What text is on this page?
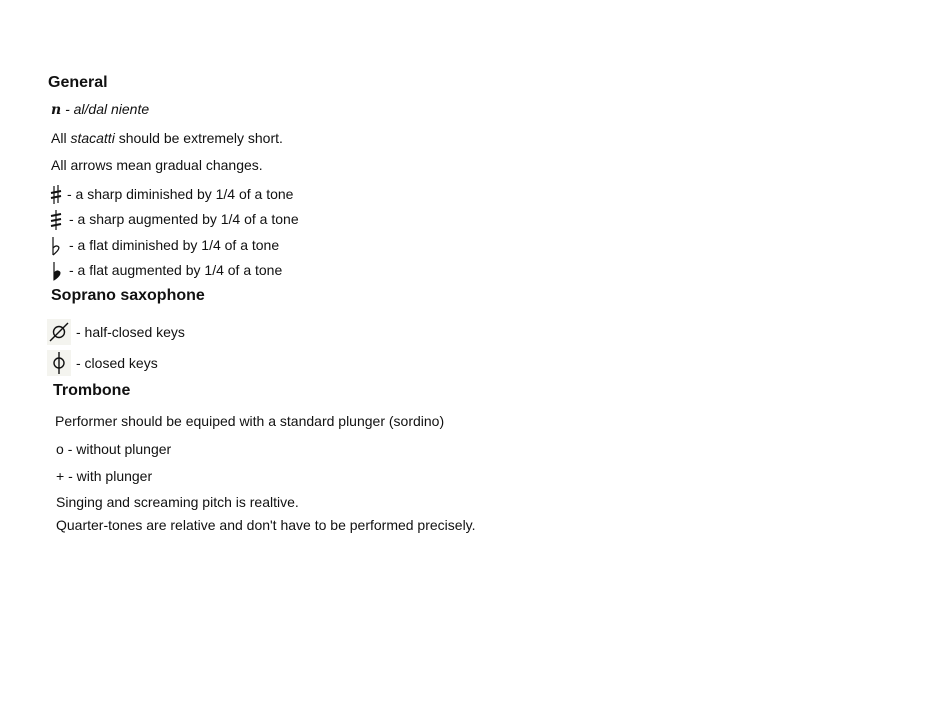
General
n - al/dal niente
All stacatti should be extremely short.
All arrows mean gradual changes.
- a sharp diminished by 1/4 of a tone
- a sharp augmented by 1/4 of a tone
- a flat diminished by 1/4 of a tone
- a flat augmented by 1/4 of a tone
Soprano saxophone
- half-closed keys
- closed keys
Trombone
Performer should be equiped with a standard plunger (sordino)
o - without plunger
+ - with plunger
Singing and screaming pitch is realtive.
Quarter-tones are relative and don't have to be performed precisely.
